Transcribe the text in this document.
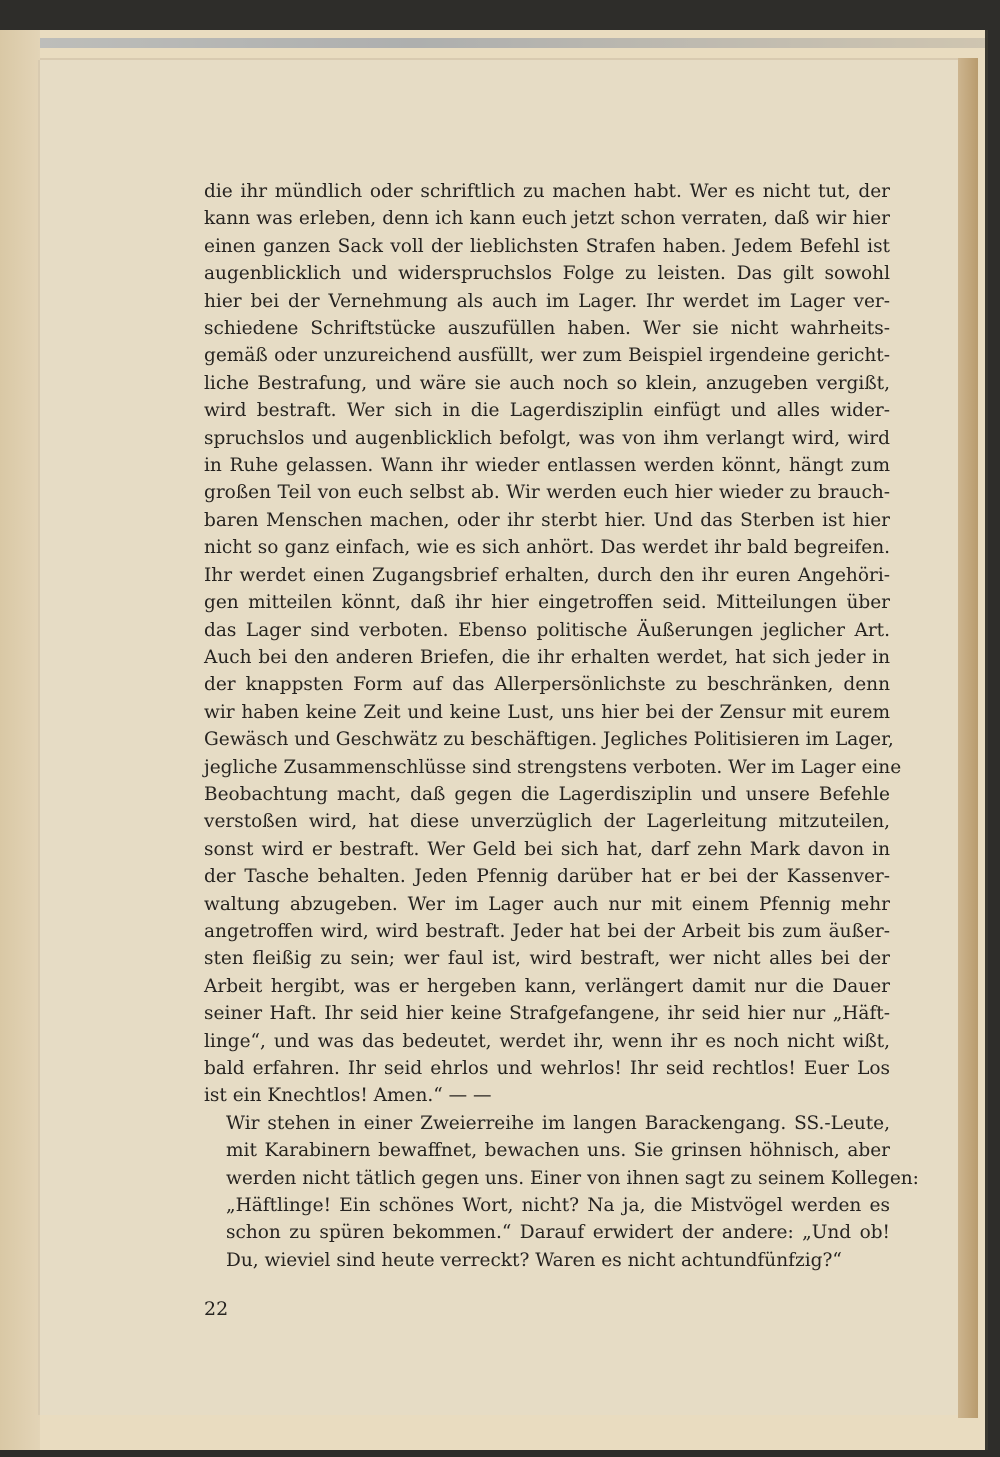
die ihr mündlich oder schriftlich zu machen habt. Wer es nicht tut, der
kann was erleben, denn ich kann euch jetzt schon verraten, daß wir hier
einen ganzen Sack voll der lieblichsten Strafen haben. Jedem Befehl ist
augenblicklich und widerspruchslos Folge zu leisten. Das gilt sowohl
hier bei der Vernehmung als auch im Lager. Ihr werdet im Lager ver-
schiedene Schriftstücke auszufüllen haben. Wer sie nicht wahrheits-
gemäß oder unzureichend ausfüllt, wer zum Beispiel irgendeine gericht-
liche Bestrafung, und wäre sie auch noch so klein, anzugeben vergißt,
wird bestraft. Wer sich in die Lagerdisziplin einfügt und alles wider-
spruchslos und augenblicklich befolgt, was von ihm verlangt wird, wird
in Ruhe gelassen. Wann ihr wieder entlassen werden könnt, hängt zum
großen Teil von euch selbst ab. Wir werden euch hier wieder zu brauch-
baren Menschen machen, oder ihr sterbt hier. Und das Sterben ist hier
nicht so ganz einfach, wie es sich anhört. Das werdet ihr bald begreifen.
Ihr werdet einen Zugangsbrief erhalten, durch den ihr euren Angehöri-
gen mitteilen könnt, daß ihr hier eingetroffen seid. Mitteilungen über
das Lager sind verboten. Ebenso politische Äußerungen jeglicher Art.
Auch bei den anderen Briefen, die ihr erhalten werdet, hat sich jeder in
der knappsten Form auf das Allerpersönlichste zu beschränken, denn
wir haben keine Zeit und keine Lust, uns hier bei der Zensur mit eurem
Gewäsch und Geschwätz zu beschäftigen. Jegliches Politisieren im Lager,
jegliche Zusammenschlüsse sind strengstens verboten. Wer im Lager eine
Beobachtung macht, daß gegen die Lagerdisziplin und unsere Befehle
verstoßen wird, hat diese unverzüglich der Lagerleitung mitzuteilen,
sonst wird er bestraft. Wer Geld bei sich hat, darf zehn Mark davon in
der Tasche behalten. Jeden Pfennig darüber hat er bei der Kassenver-
waltung abzugeben. Wer im Lager auch nur mit einem Pfennig mehr
angetroffen wird, wird bestraft. Jeder hat bei der Arbeit bis zum äußer-
sten fleißig zu sein; wer faul ist, wird bestraft, wer nicht alles bei der
Arbeit hergibt, was er hergeben kann, verlängert damit nur die Dauer
seiner Haft. Ihr seid hier keine Strafgefangene, ihr seid hier nur „Häft-
linge“, und was das bedeutet, werdet ihr, wenn ihr es noch nicht wißt,
bald erfahren. Ihr seid ehrlos und wehrlos! Ihr seid rechtlos! Euer Los
ist ein Knechtlos! Amen.“ — —

Wir stehen in einer Zweierreihe im langen Barackengang. SS.-Leute,
mit Karabinern bewaffnet, bewachen uns. Sie grinsen höhnisch, aber
werden nicht tätlich gegen uns. Einer von ihnen sagt zu seinem Kollegen:
„Häftlinge! Ein schönes Wort, nicht? Na ja, die Mistvögel werden es
schon zu spüren bekommen.“ Darauf erwidert der andere: „Und ob!
Du, wieviel sind heute verreckt? Waren es nicht achtundfünfzig?“

22
